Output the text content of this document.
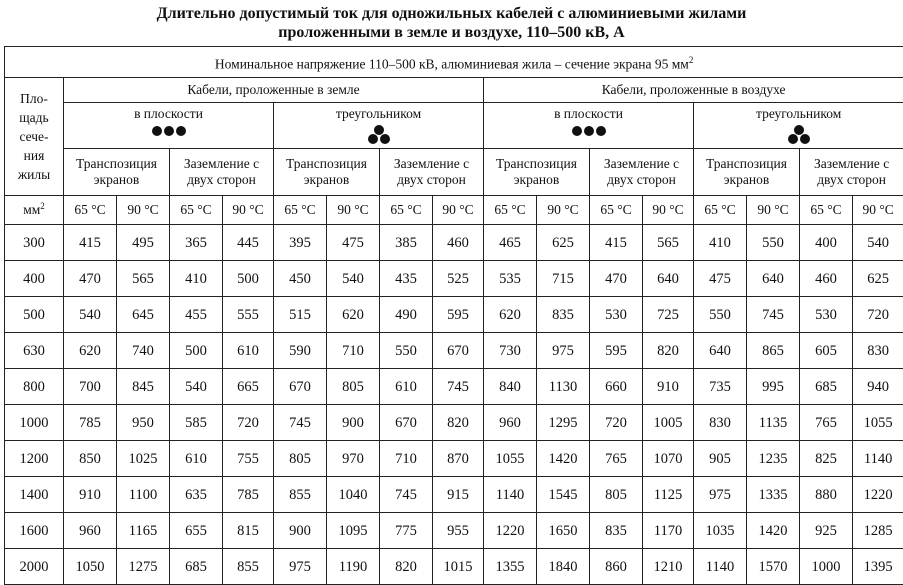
Длительно допустимый ток для одножильных кабелей с алюминиевыми жилами
проложенными в земле и воздухе, 110–500 кВ, А
Номинальное напряжение 110–500 кВ, алюминиевая жила – сечение экрана 95 $мм^2$

Пло-щадь сече-ния жилы	Кабели, проложенные в земле								Кабели, проложенные в воздухе							

	в плоскости				треугольником				в плоскости				треугольником			

	Транспозиция экранов		Заземление с двух сторон		Транспозиция экранов		Заземление с двух сторон		Транспозиция экранов		Заземление с двух сторон		Транспозиция экранов		Заземление с двух сторон	
$мм^2$	65 °C	90 °C	65 °C	90 °C	65 °C	90 °C	65 °C	90 °C	65 °C	90 °C	65 °C	90 °C	65 °C	90 °C	65 °C	90 °C
300	415	495	365	445	395	475	385	460	465	625	415	565	410	550	400	540
400	470	565	410	500	450	540	435	525	535	715	470	640	475	640	460	625
500	540	645	455	555	515	620	490	595	620	835	530	725	550	745	530	720
630	620	740	500	610	590	710	550	670	730	975	595	820	640	865	605	830
800	700	845	540	665	670	805	610	745	840	1130	660	910	735	995	685	940
1000	785	950	585	720	745	900	670	820	960	1295	720	1005	830	1135	765	1055
1200	850	1025	610	755	805	970	710	870	1055	1420	765	1070	905	1235	825	1140
1400	910	1100	635	785	855	1040	745	915	1140	1545	805	1125	975	1335	880	1220
1600	960	1165	655	815	900	1095	775	955	1220	1650	835	1170	1035	1420	925	1285
2000	1050	1275	685	855	975	1190	820	1015	1355	1840	860	1210	1140	1570	1000	1395
